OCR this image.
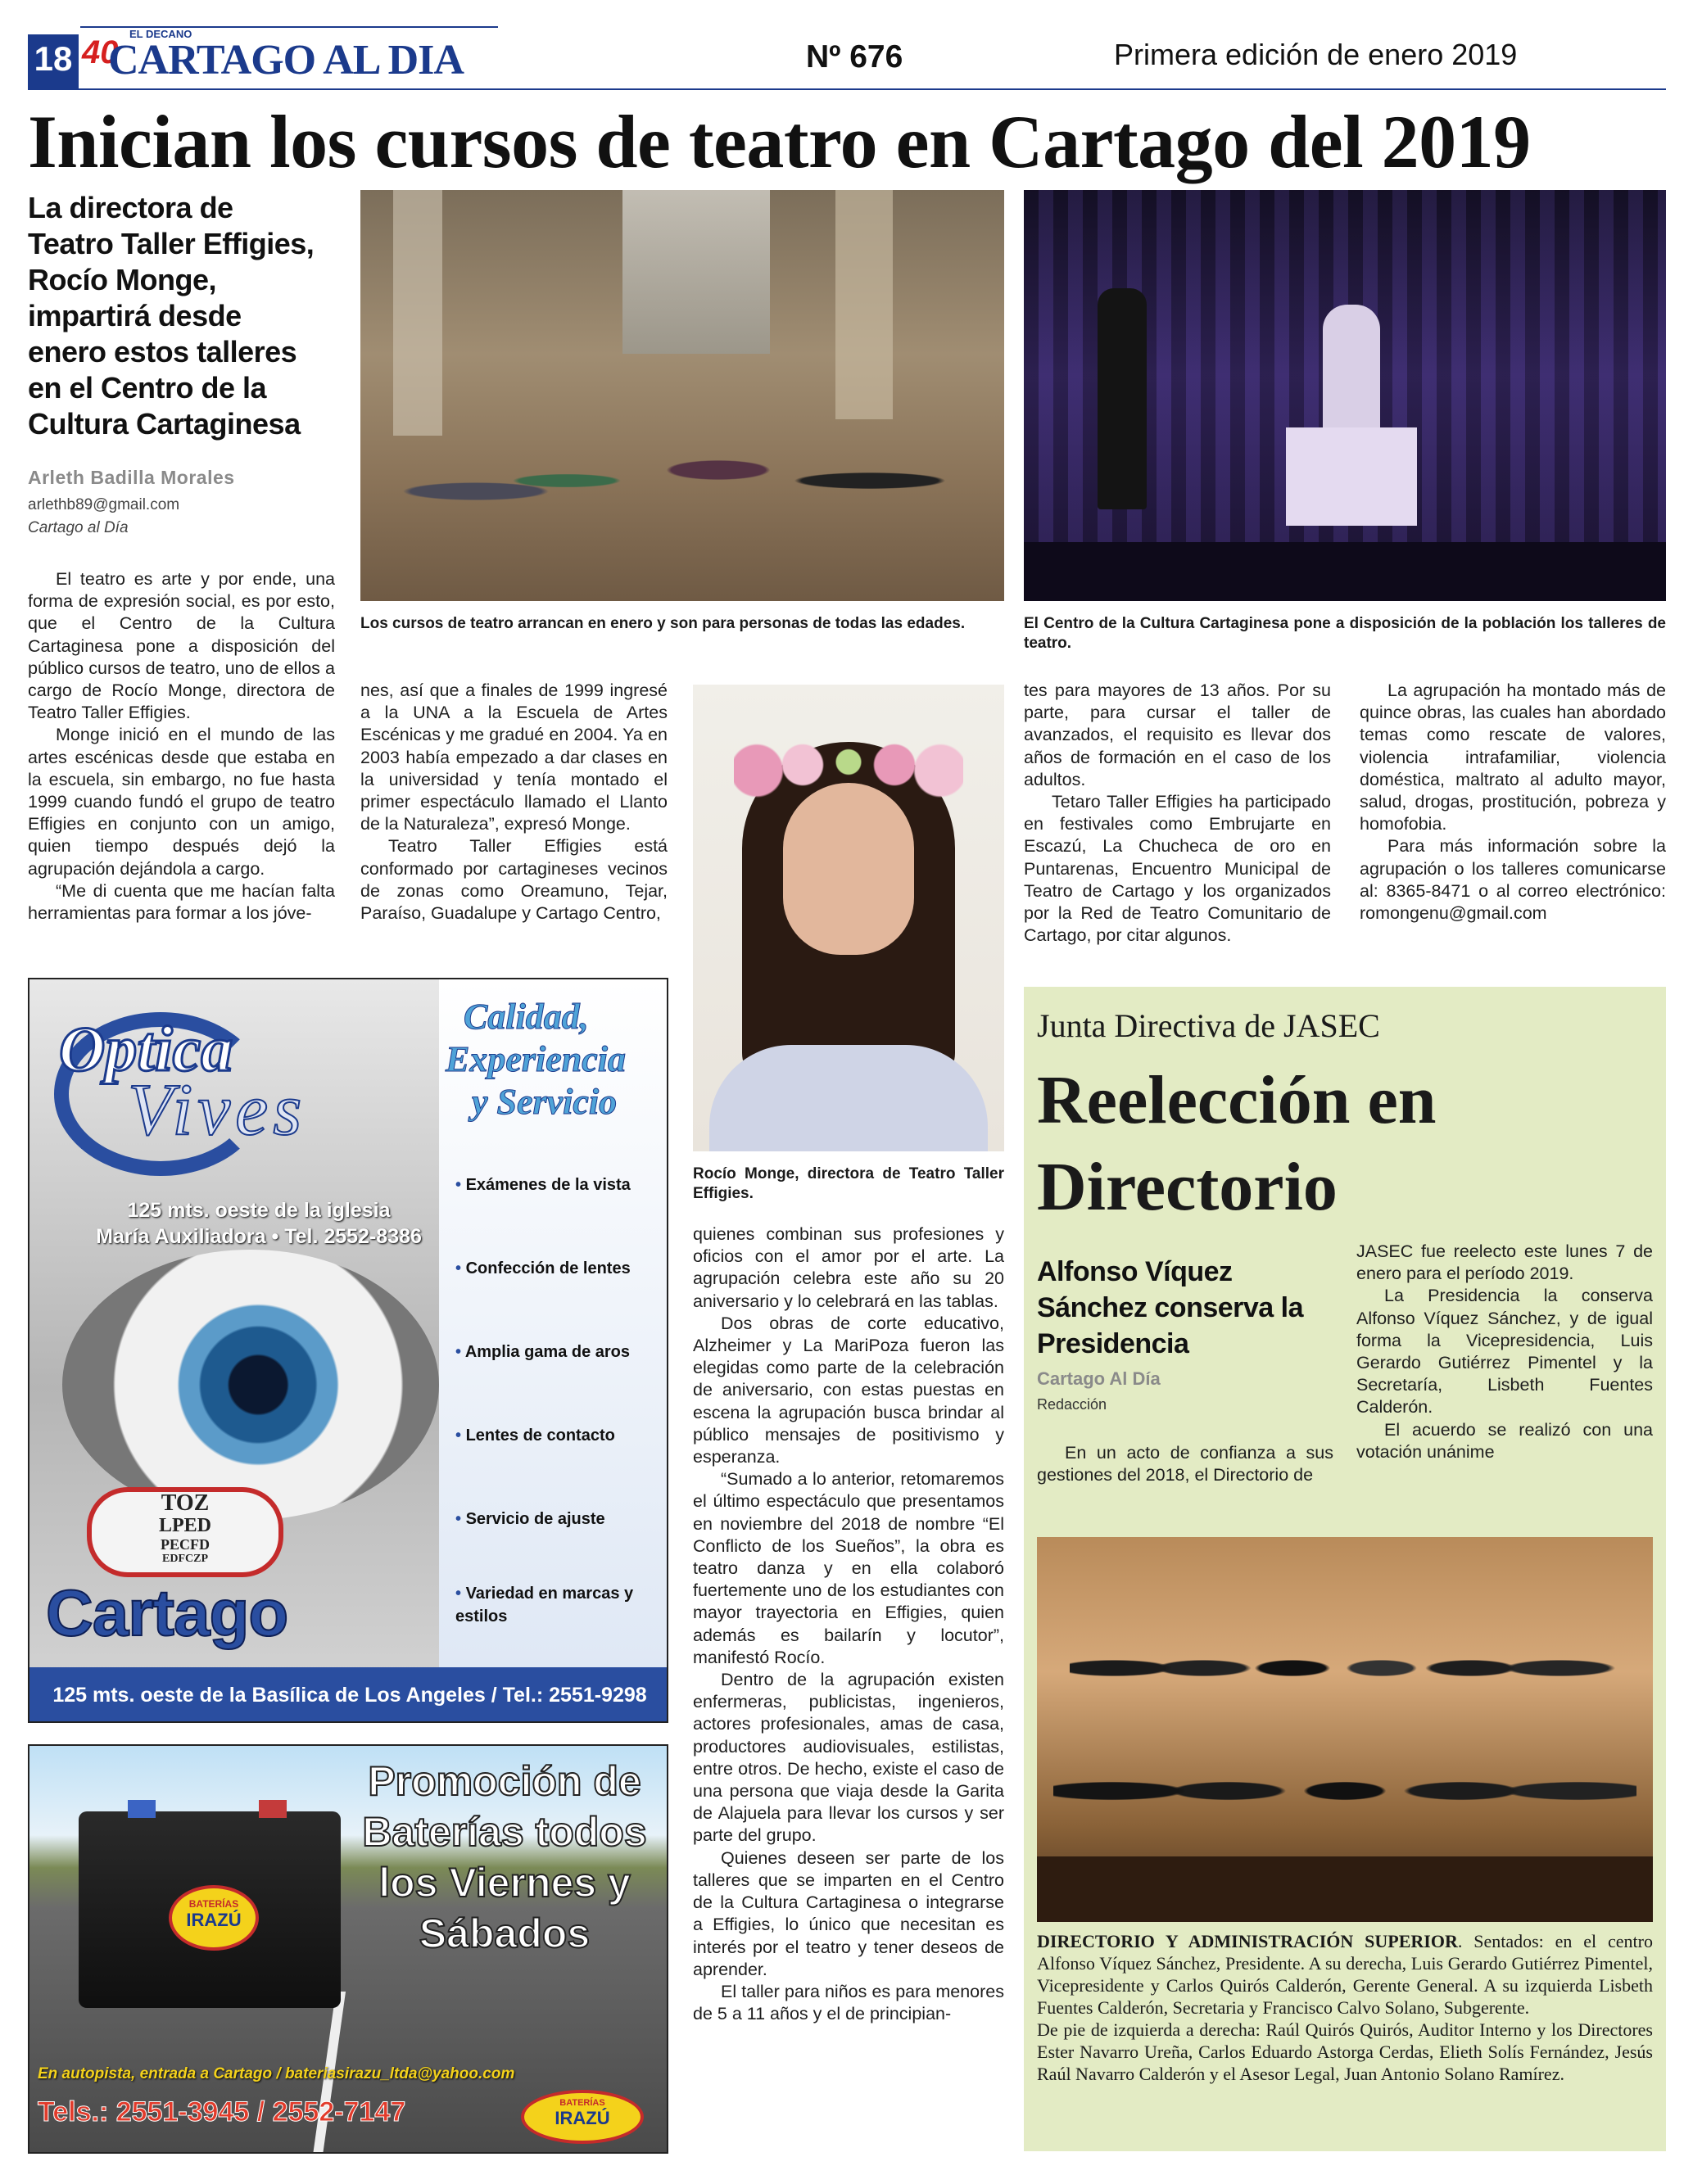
18 40
EL DECANO
CARTAGO AL DIA	Nº 676	Primera edición de enero 2019
Inician los cursos de teatro en Cartago del 2019
La directora de Teatro Taller Effigies, Rocío Monge, impartirá desde enero estos talleres en el Centro de la Cultura Cartaginesa
Arleth Badilla Morales
arlethb89@gmail.com
Cartago al Día
Los cursos de teatro arrancan en enero y son para personas de todas las edades.	El Centro de la Cultura Cartaginesa pone a disposición de la población los talleres de teatro.

El teatro es arte y por ende, una forma de expresión social, es por esto, que el Centro de la Cultura Cartaginesa pone a disposición del público cursos de teatro, uno de ellos a cargo de Rocío Monge, directora de Teatro Taller Effigies.

Monge inició en el mundo de las artes escénicas desde que estaba en la escuela, sin embargo, no fue hasta 1999 cuando fundó el grupo de teatro Effigies en conjunto con un amigo, quien tiempo después dejó la agrupación dejándola a cargo.

“Me di cuenta que me hacían falta herramientas para formar a los jóve-

nes, así que a finales de 1999 ingresé a la UNA a la Escuela de Artes Escénicas y me gradué en 2004. Ya en 2003 había empezado a dar clases en la universidad y tenía montado el primer espectáculo llamado el Llanto de la Naturaleza”, expresó Monge.

Teatro Taller Effigies está conformado por cartagineses vecinos de zonas como Oreamuno, Tejar, Paraíso, Guadalupe y Cartago Centro,

Rocío Monge, directora de Teatro Taller Effigies.

quienes combinan sus profesiones y oficios con el amor por el arte. La agrupación celebra este año su 20 aniversario y lo celebrará en las tablas.

Dos obras de corte educativo, Alzheimer y La MariPoza fueron las elegidas como parte de la celebración de aniversario, con estas puestas en escena la agrupación busca brindar al público mensajes de positivismo y esperanza.

“Sumado a lo anterior, retomaremos el último espectáculo que presentamos en noviembre del 2018 de nombre “El Conflicto de los Sueños”, la obra es teatro danza y en ella colaboró fuertemente uno de los estudiantes con mayor trayectoria en Effigies, quien además es bailarín y locutor”, manifestó Rocío.

Dentro de la agrupación existen enfermeras, publicistas, ingenieros, actores profesionales, amas de casa, productores audiovisuales, estilistas, entre otros. De hecho, existe el caso de una persona que viaja desde la Garita de Alajuela para llevar los cursos y ser parte del grupo.

Quienes deseen ser parte de los talleres que se imparten en el Centro de la Cultura Cartaginesa o integrarse a Effigies, lo único que necesitan es interés por el teatro y tener deseos de aprender.

El taller para niños es para menores de 5 a 11 años y el de principian-

tes para mayores de 13 años. Por su parte, para cursar el taller de avanzados, el requisito es llevar dos años de formación en el caso de los adultos.

Tetaro Taller Effigies ha participado en festivales como Embrujarte en Escazú, La Chucheca de oro en Puntarenas, Encuentro Municipal de Teatro de Cartago y los organizados por la Red de Teatro Comunitario de Cartago, por citar algunos.

La agrupación ha montado más de quince obras, las cuales han abordado temas como rescate de valores, violencia intrafamiliar, violencia doméstica, maltrato al adulto mayor, salud, drogas, prostitución, pobreza y homofobia.

Para más información sobre la agrupación o los talleres comunicarse al: 8365-8471 o al correo electrónico: romongenu@gmail.com

Optica
Vives
125 mts. oeste de la iglesia
María Auxiliadora • Tel. 2552-8386
Calidad,
Experiencia
y Servicio
• Exámenes de la vista
• Confección de lentes
• Amplia gama de aros
• Lentes de contacto
• Servicio de ajuste
• Variedad en marcas y estilos
TOZ
LPED
PECFD
EDFCZP
Cartago
125 mts. oeste de la Basílica de Los Angeles / Tel.: 2551-9298
BATERÍAS
IRAZÚ
Promoción de
Baterías todos
los Viernes y
Sábados
En autopista, entrada a Cartago / bateriasirazu_ltda@yahoo.com
Tels.: 2551-3945 / 2552-7147	BATERÍAS
IRAZÚ
Junta Directiva de JASEC
Reelección en
Directorio
Alfonso Víquez Sánchez conserva la Presidencia
Cartago Al Día
Redacción

En un acto de confianza a sus gestiones del 2018, el Directorio de

JASEC fue reelecto este lunes 7 de enero para el período 2019.

La Presidencia la conserva Alfonso Víquez Sánchez, y de igual forma la Vicepresidencia, Luis Gerardo Gutiérrez Pimentel y la Secretaría, Lisbeth Fuentes Calderón.

El acuerdo se realizó con una votación unánime

DIRECTORIO Y ADMINISTRACIÓN SUPERIOR. Sentados: en el centro Alfonso Víquez Sánchez, Presidente. A su derecha, Luis Gerardo Gutiérrez Pimentel, Vicepresidente y Carlos Quirós Calderón, Gerente General. A su izquierda Lisbeth Fuentes Calderón, Secretaria y Francisco Calvo Solano, Subgerente.
De pie de izquierda a derecha: Raúl Quirós Quirós, Auditor Interno y los Directores Ester Navarro Ureña, Carlos Eduardo Astorga Cerdas, Elieth Solís Fernández, Jesús Raúl Navarro Calderón y el Asesor Legal, Juan Antonio Solano Ramírez.
